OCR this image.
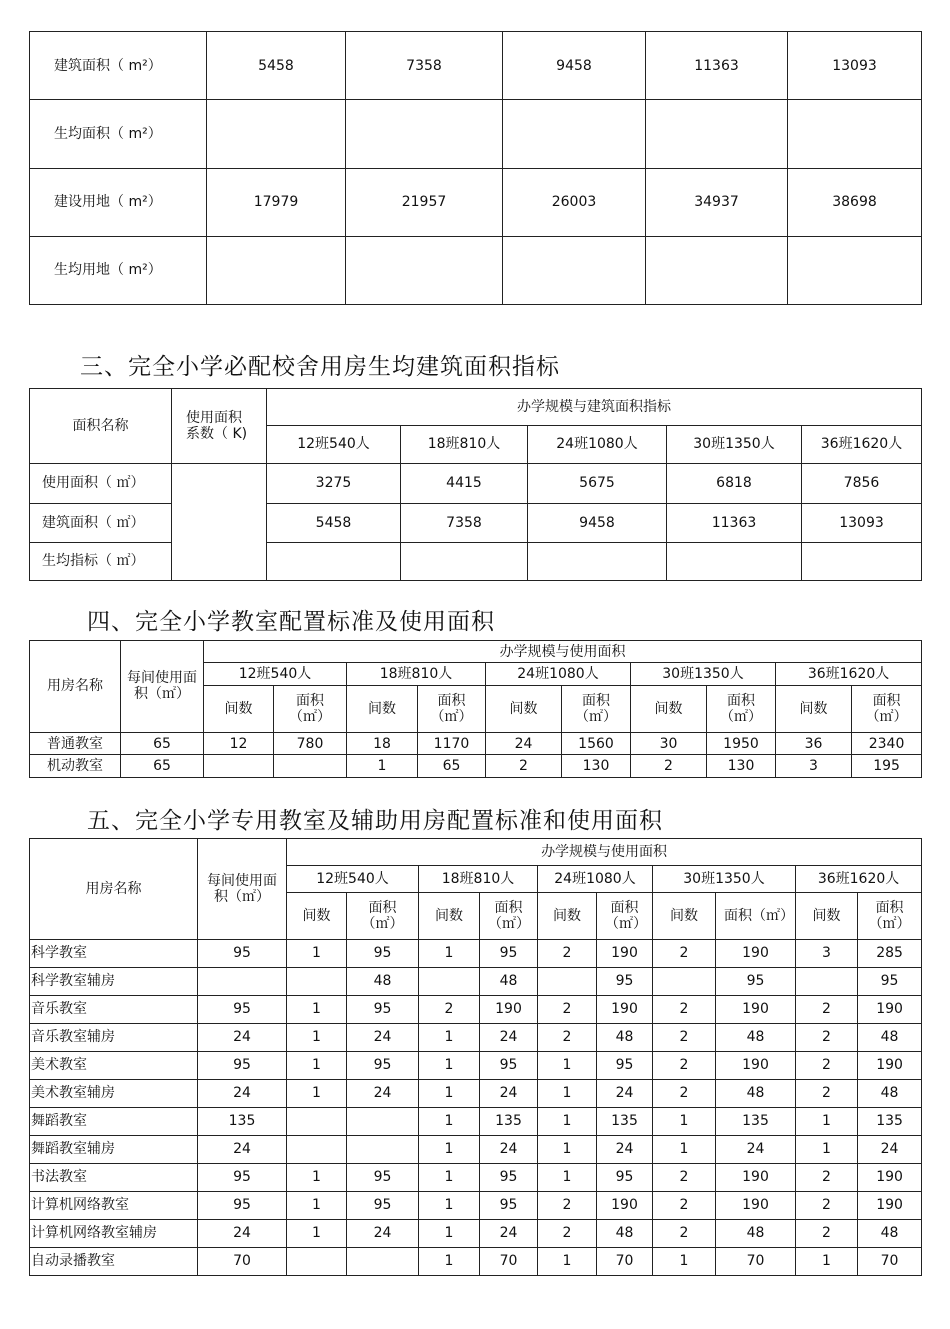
建筑面积（ m²）	5458	7358	9458	11363	13093
生均面积（ m²）					
建设用地（ m²）	17979	21957	26003	34937	38698
生均用地（ m²）					
三、完全小学必配校舍用房生均建筑面积指标
面积名称	使用面积系数（ K)	办学规模与建筑面积指标				
		12班540人	18班810人	24班1080人	30班1350人	36班1620人
使用面积（ ㎡）		3275	4415	5675	6818	7856
建筑面积（ ㎡）		5458	7358	9458	11363	13093
生均指标（ ㎡）						
四、完全小学教室配置标准及使用面积
用房名称	每间使用面积（㎡）	办学规模与使用面积									
		12班540人		18班810人		24班1080人		30班1350人		36班1620人	
		间数	面积（㎡）	间数	面积（㎡）	间数	面积（㎡）	间数	面积（㎡）	间数	面积（㎡）
普通教室	65	12	780	18	1170	24	1560	30	1950	36	2340
机动教室	65			1	65	2	130	2	130	3	195
五、完全小学专用教室及辅助用房配置标准和使用面积
用房名称	每间使用面积（㎡）	办学规模与使用面积									
		12班540人		18班810人		24班1080人		30班1350人		36班1620人	
		间数	面积（㎡）	间数	面积（㎡）	间数	面积（㎡）	间数	面积（㎡）	间数	面积（㎡）
科学教室	95	1	95	1	95	2	190	2	190	3	285
科学教室辅房			48		48		95		95		95
音乐教室	95	1	95	2	190	2	190	2	190	2	190
音乐教室辅房	24	1	24	1	24	2	48	2	48	2	48
美术教室	95	1	95	1	95	1	95	2	190	2	190
美术教室辅房	24	1	24	1	24	1	24	2	48	2	48
舞蹈教室	135			1	135	1	135	1	135	1	135
舞蹈教室辅房	24			1	24	1	24	1	24	1	24
书法教室	95	1	95	1	95	1	95	2	190	2	190
计算机网络教室	95	1	95	1	95	2	190	2	190	2	190
计算机网络教室辅房	24	1	24	1	24	2	48	2	48	2	48
自动录播教室	70			1	70	1	70	1	70	1	70
